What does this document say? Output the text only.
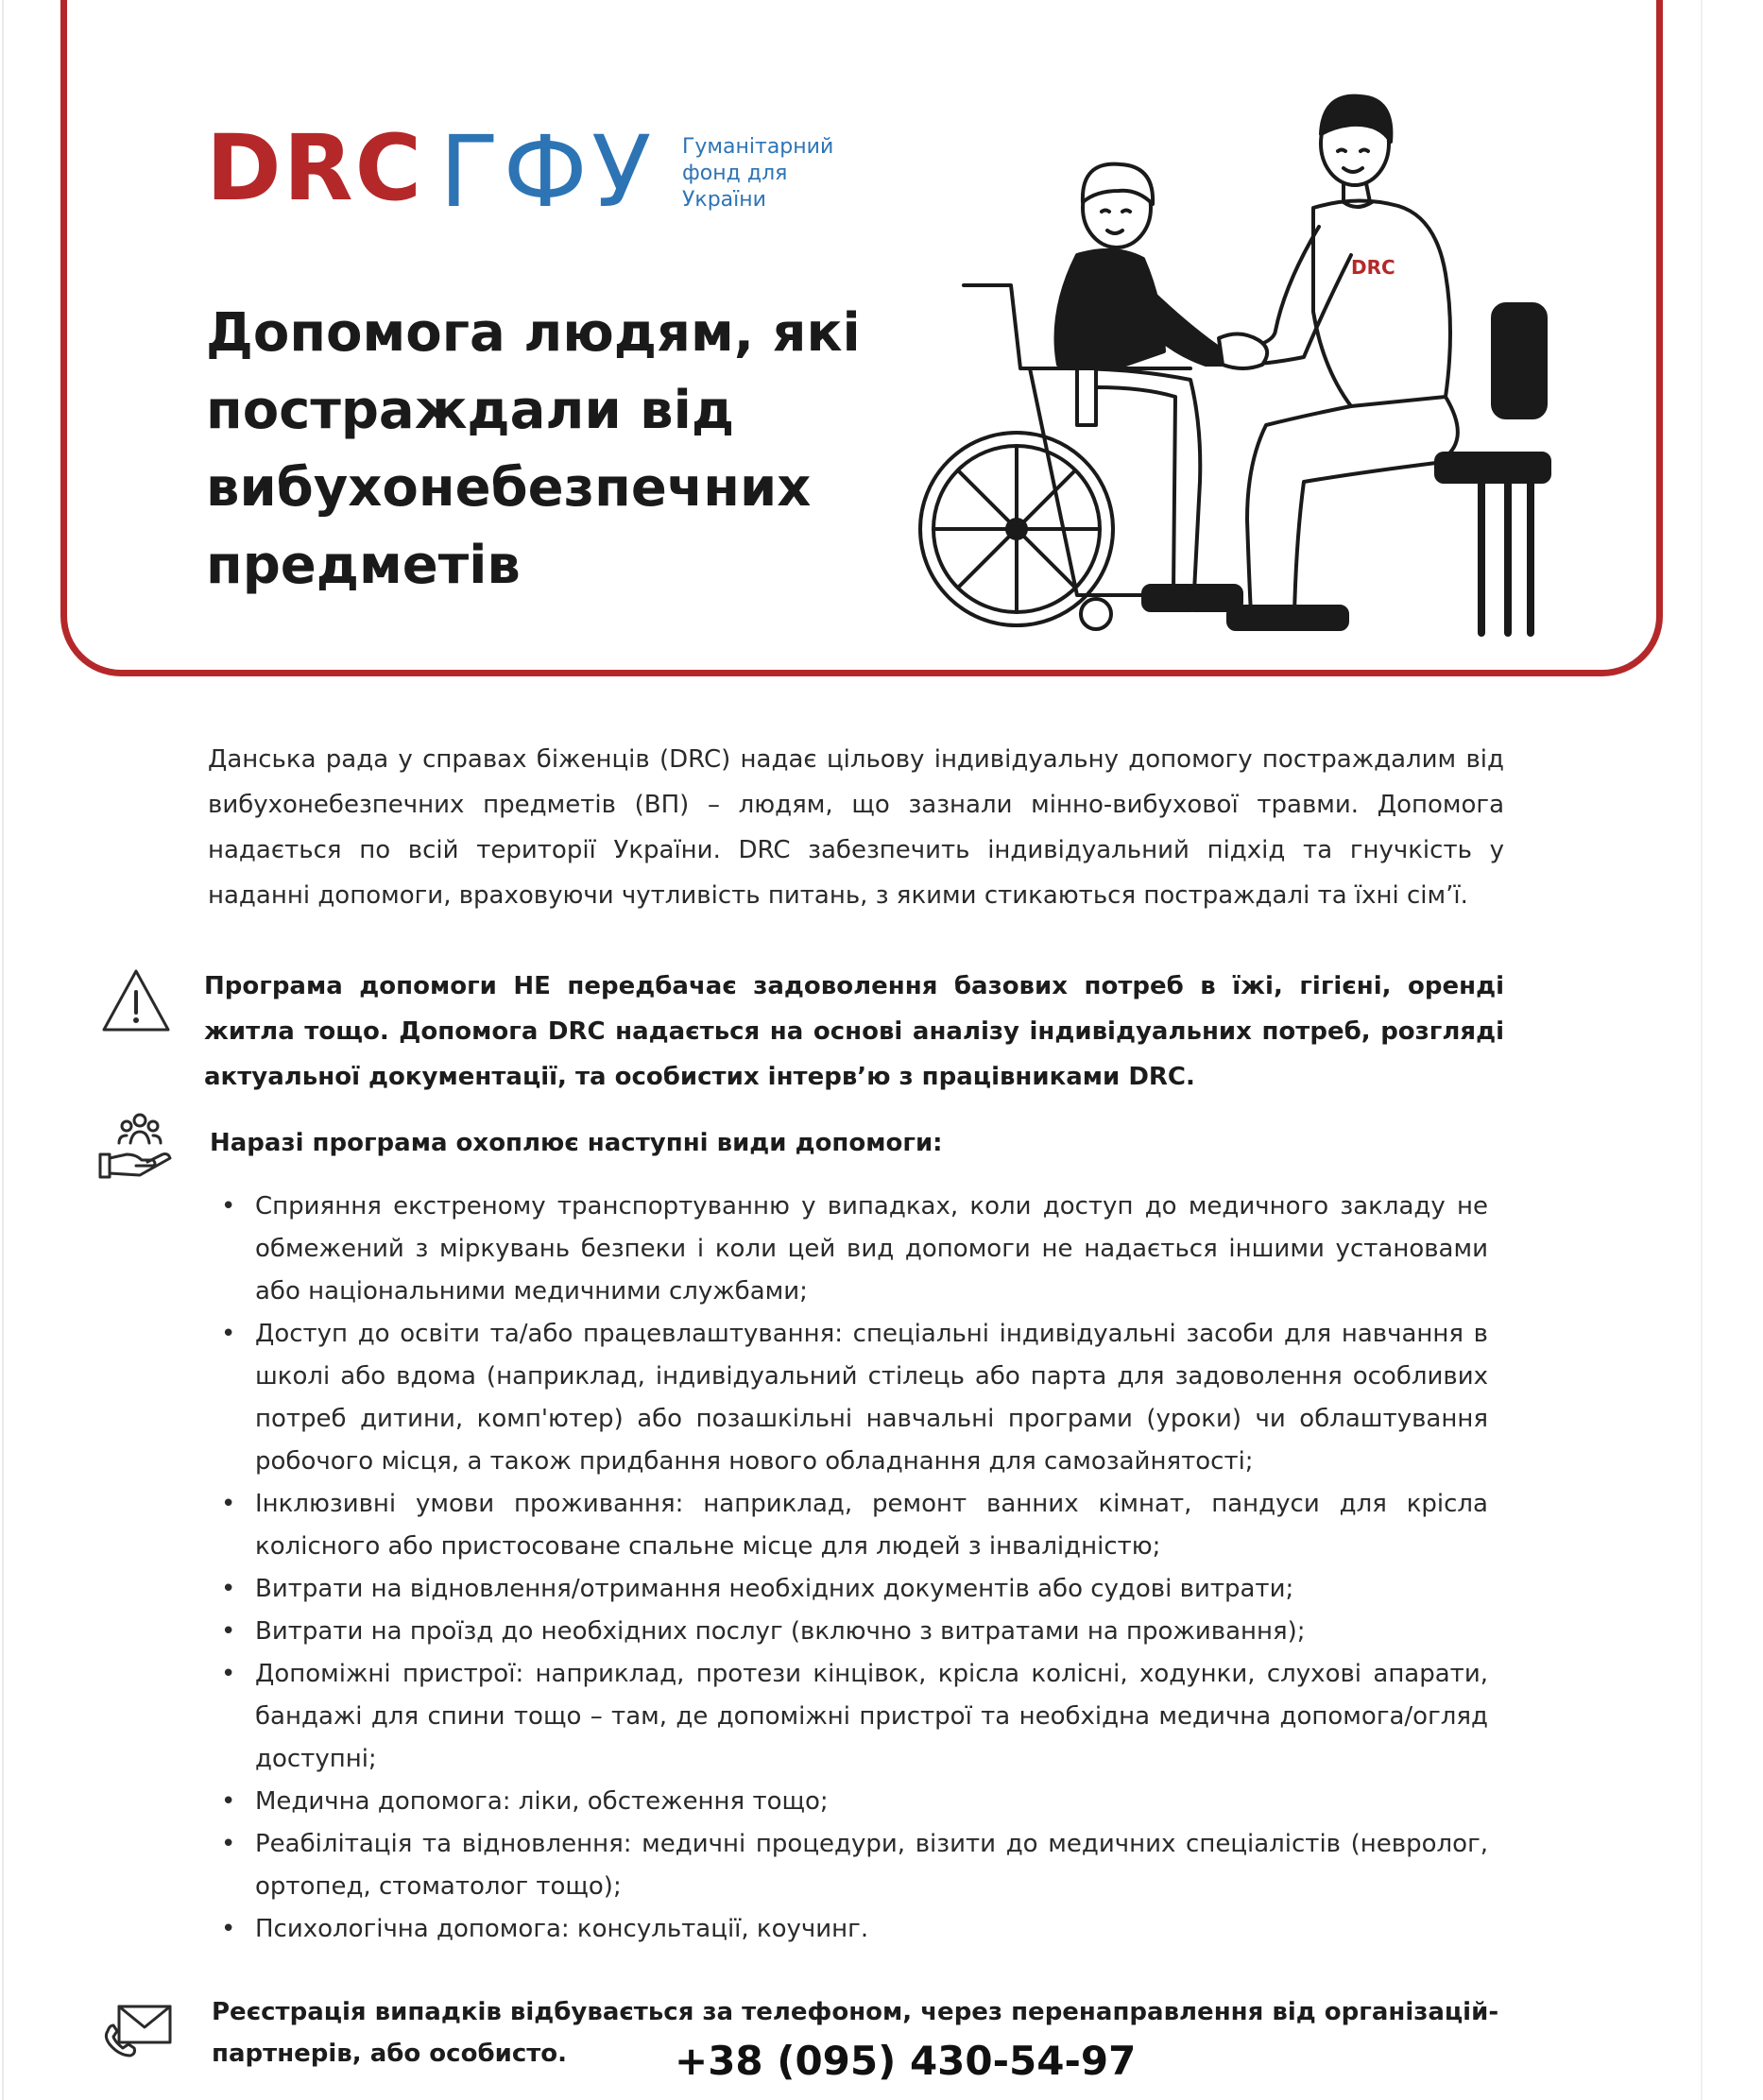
DRC ГФУ Гуманітарний
фонд для
України
Допомога людям, які
постраждали від
вибухонебезпечних
предметів
DRC
Данська рада у справах біженців (DRC) надає цільову індивідуальну допомогу постраждалим від вибухонебезпечних предметів (ВП) – людям, що зазнали мінно-вибухової травми. Допомога надається по всій території України. DRC забезпечить індивідуальний підхід та гнучкість у наданні допомоги, враховуючи чутливість питань, з якими стикаються постраждалі та їхні сім’ї.
Програма допомоги НЕ передбачає задоволення базових потреб в їжі, гігієні, оренді житла тощо. Допомога DRC надається на основі аналізу індивідуальних потреб, розгляді актуальної документації, та особистих інтерв’ю з працівниками DRC.
Наразі програма охоплює наступні види допомоги:
• Сприяння екстреному транспортуванню у випадках, коли доступ до медичного закладу не обмежений з міркувань безпеки і коли цей вид допомоги не надається іншими установами або національними медичними службами;
• Доступ до освіти та/або працевлаштування: спеціальні індивідуальні засоби для навчання в школі або вдома (наприклад, індивідуальний стілець або парта для задоволення особливих потреб дитини, комп'ютер) або позашкільні навчальні програми (уроки) чи облаштування робочого місця, а також придбання нового обладнання для самозайнятості;
• Інклюзивні умови проживання: наприклад, ремонт ванних кімнат, пандуси для крісла колісного або пристосоване спальне місце для людей з інвалідністю;
• Витрати на відновлення/отримання необхідних документів або судові витрати;
• Витрати на проїзд до необхідних послуг (включно з витратами на проживання);
• Допоміжні пристрої: наприклад, протези кінцівок, крісла колісні, ходунки, слухові апарати, бандажі для спини тощо – там, де допоміжні пристрої та необхідна медична допомога/огляд доступні;
• Медична допомога: ліки, обстеження тощо;
• Реабілітація та відновлення: медичні процедури, візити до медичних спеціалістів (невролог, ортопед, стоматолог тощо);
• Психологічна допомога: консультації, коучинг.
Реєстрація випадків відбувається за телефоном, через перенаправлення від організацій-
партнерів, або особисто.	+38 (095) 430-54-97
